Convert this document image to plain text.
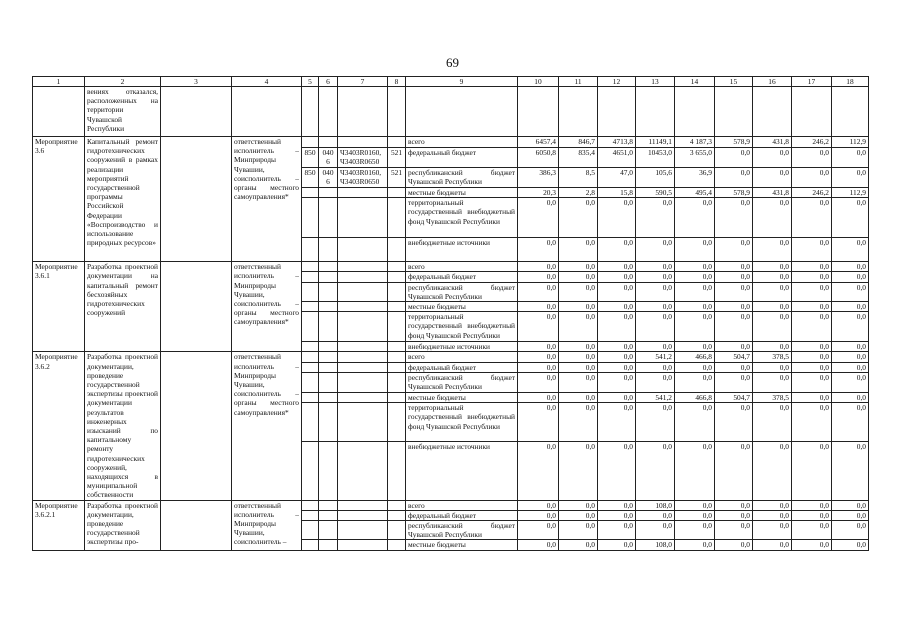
69
1	2	3	4	5	6	7	8	9	10	11	12	13	14	15	16	17	18
	вениях отказался, расположенных на территории Чувашской Республики																
Мероприятие 3.6	Капитальный ремонт гидротехнических сооружений в рамках реализации мероприятий государственной программы Российской Федерации «Воспроизводство и использование природных ресурсов»		ответственный исполнитель – Минприроды Чувашии, соисполнитель – органы местного самоуправления*					всего	6457,4	846,7	4713,8	11149,1	4 187,3	578,9	431,8	246,2	112,9
				850	0406	Ч3403R0160, Ч3403R0650	521	федеральный бюджет	6050,8	835,4	4651,0	10453,0	3 655,0	0,0	0,0	0,0	0,0
				850	0406	Ч3403R0160, Ч3403R0650	521	республиканский бюджет Чувашской Республики	386,3	8,5	47,0	105,6	36,9	0,0	0,0	0,0	0,0
								местные бюджеты	20,3	2,8	15,8	590,5	495,4	578,9	431,8	246,2	112,9
								территориальный государственный внебюджетный фонд Чувашской Республики	0,0	0,0	0,0	0,0	0,0	0,0	0,0	0,0	0,0
								внебюджетные источники	0,0	0,0	0,0	0,0	0,0	0,0	0,0	0,0	0,0
Мероприятие 3.6.1	Разработка проектной документации на капитальный ремонт бесхозяйных гидротехнических сооружений		ответственный исполнитель – Минприроды Чувашии, соисполнитель – органы местного самоуправления*					всего	0,0	0,0	0,0	0,0	0,0	0,0	0,0	0,0	0,0
								федеральный бюджет	0,0	0,0	0,0	0,0	0,0	0,0	0,0	0,0	0,0
								республиканский бюджет Чувашской Республики	0,0	0,0	0,0	0,0	0,0	0,0	0,0	0,0	0,0
								местные бюджеты	0,0	0,0	0,0	0,0	0,0	0,0	0,0	0,0	0,0
								территориальный государственный внебюджетный фонд Чувашской Республики	0,0	0,0	0,0	0,0	0,0	0,0	0,0	0,0	0,0
								внебюджетные источники	0,0	0,0	0,0	0,0	0,0	0,0	0,0	0,0	0,0
Мероприятие 3.6.2	Разработка проектной документации, проведение государственной экспертизы проектной документации результатов инженерных изысканий по капитальному ремонту гидротехнических сооружений, находящихся в муниципальной собственности		ответственный исполнитель – Минприроды Чувашии, соисполнитель – органы местного самоуправления*					всего	0,0	0,0	0,0	541,2	466,8	504,7	378,5	0,0	0,0
								федеральный бюджет	0,0	0,0	0,0	0,0	0,0	0,0	0,0	0,0	0,0
								республиканский бюджет Чувашской Республики	0,0	0,0	0,0	0,0	0,0	0,0	0,0	0,0	0,0
								местные бюджеты	0,0	0,0	0,0	541,2	466,8	504,7	378,5	0,0	0,0
								территориальный государственный внебюджетный фонд Чувашской Республики	0,0	0,0	0,0	0,0	0,0	0,0	0,0	0,0	0,0
								внебюджетные источники	0,0	0,0	0,0	0,0	0,0	0,0	0,0	0,0	0,0
Мероприятие 3.6.2.1	Разработка проектной документации, проведение государственной экспертизы про-		ответственный исполнитель – Минприроды Чувашии, соисполнитель –					всего	0,0	0,0	0,0	108,0	0,0	0,0	0,0	0,0	0,0
								федеральный бюджет	0,0	0,0	0,0	0,0	0,0	0,0	0,0	0,0	0,0
								республиканский бюджет Чувашской Республики	0,0	0,0	0,0	0,0	0,0	0,0	0,0	0,0	0,0
								местные бюджеты	0,0	0,0	0,0	108,0	0,0	0,0	0,0	0,0	0,0
